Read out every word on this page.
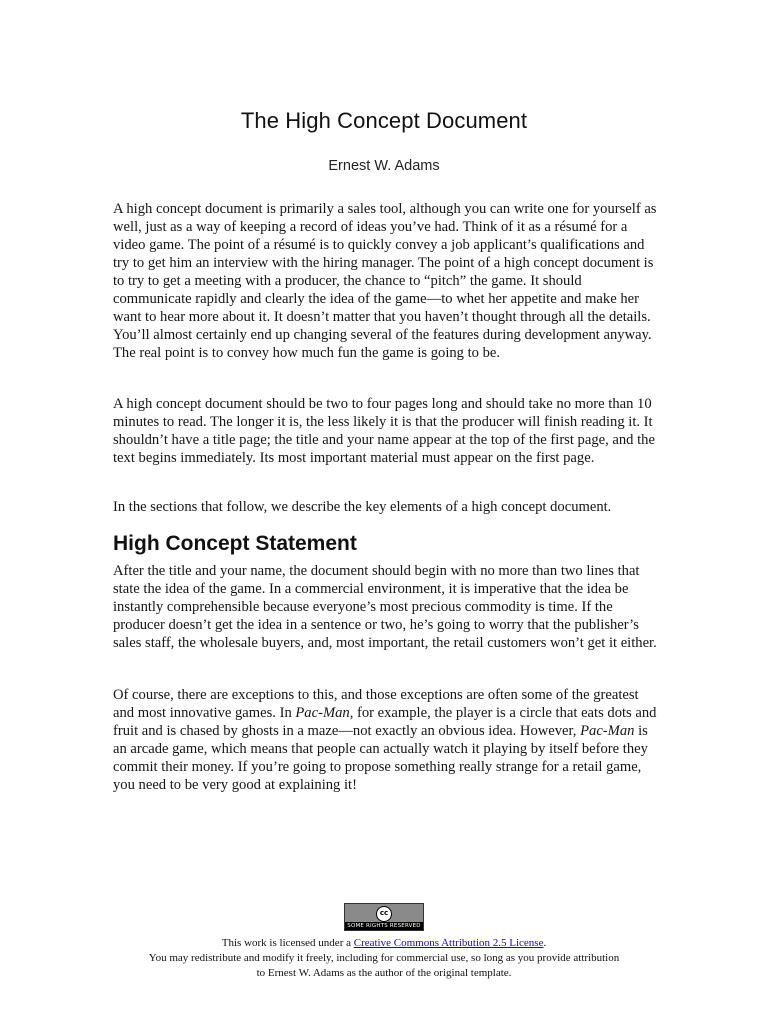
The High Concept Document
Ernest W. Adams

A high concept document is primarily a sales tool, although you can write one for yourself as well, just as a way of keeping a record of ideas you’ve had. Think of it as a résumé for a video game. The point of a résumé is to quickly convey a job applicant’s qualifications and try to get him an interview with the hiring manager. The point of a high concept document is to try to get a meeting with a producer, the chance to “pitch” the game. It should communicate rapidly and clearly the idea of the game—to whet her appetite and make her want to hear more about it. It doesn’t matter that you haven’t thought through all the details. You’ll almost certainly end up changing several of the features during development anyway. The real point is to convey how much fun the game is going to be.

A high concept document should be two to four pages long and should take no more than 10 minutes to read. The longer it is, the less likely it is that the producer will finish reading it. It shouldn’t have a title page; the title and your name appear at the top of the first page, and the text begins immediately. Its most important material must appear on the first page.

In the sections that follow, we describe the key elements of a high concept document.

High Concept Statement

After the title and your name, the document should begin with no more than two lines that state the idea of the game. In a commercial environment, it is imperative that the idea be instantly comprehensible because everyone’s most precious commodity is time. If the producer doesn’t get the idea in a sentence or two, he’s going to worry that the publisher’s sales staff, the wholesale buyers, and, most important, the retail customers won’t get it either.

Of course, there are exceptions to this, and those exceptions are often some of the greatest and most innovative games. In Pac-Man, for example, the player is a circle that eats dots and fruit and is chased by ghosts in a maze—not exactly an obvious idea. However, Pac-Man is an arcade game, which means that people can actually watch it playing by itself before they commit their money. If you’re going to propose something really strange for a retail game, you need to be very good at explaining it!

cc
SOME RIGHTS RESERVED
This work is licensed under a Creative Commons Attribution 2.5 License.
You may redistribute and modify it freely, including for commercial use, so long as you provide attribution
to Ernest W. Adams as the author of the original template.
